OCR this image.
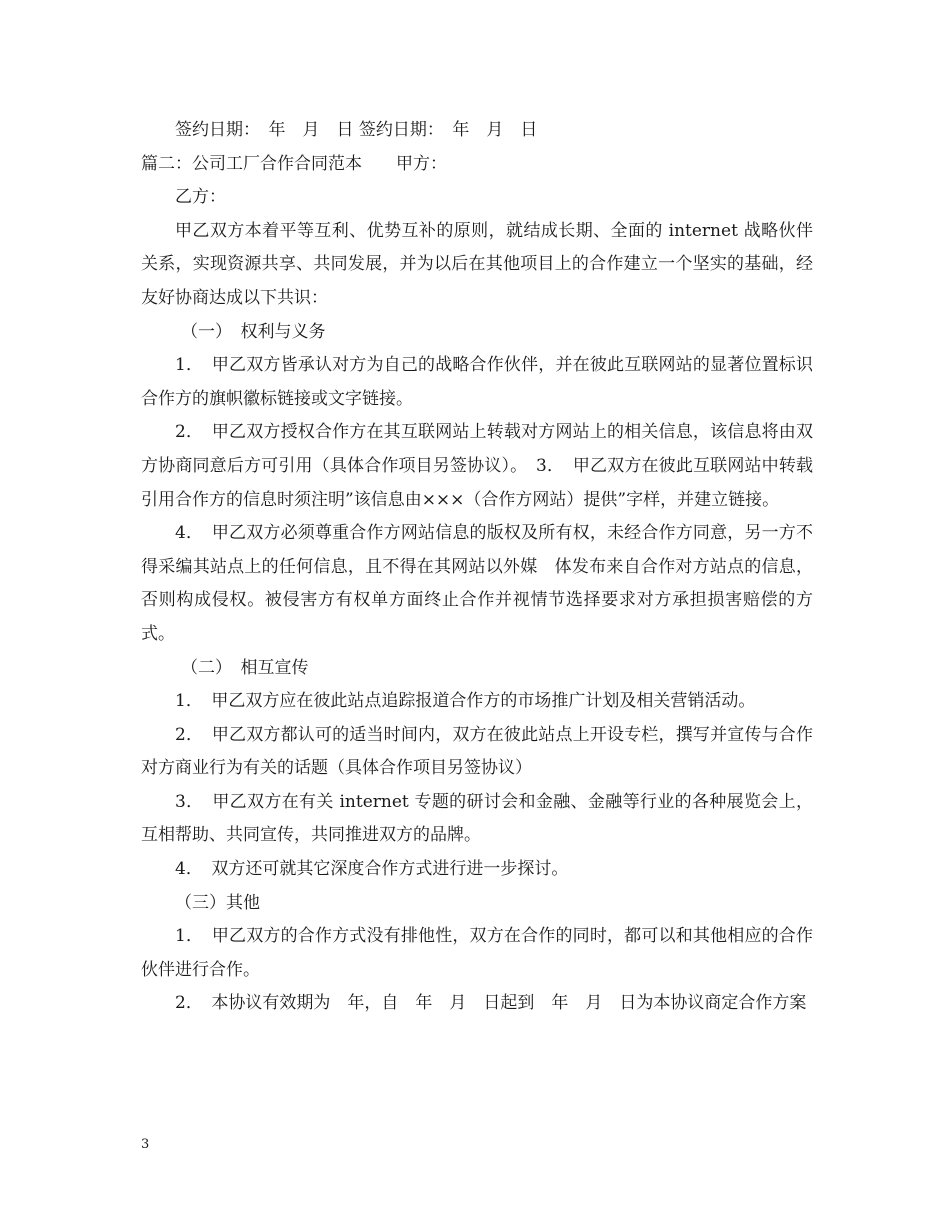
签约日期：　年　月　日 签约日期：　年　月　日

篇二：公司工厂合作合同范本　　甲方：

乙方：

甲乙双方本着平等互利、优势互补的原则，就结成长期、全面的 internet 战略伙伴关系，实现资源共享、共同发展，并为以后在其他项目上的合作建立一个坚实的基础，经友好协商达成以下共识：

（一）　权利与义务

1．　甲乙双方皆承认对方为自己的战略合作伙伴，并在彼此互联网站的显著位置标识合作方的旗帜徽标链接或文字链接。

2．　甲乙双方授权合作方在其互联网站上转载对方网站上的相关信息，该信息将由双方协商同意后方可引用（具体合作项目另签协议）。　3．　甲乙双方在彼此互联网站中转载引用合作方的信息时须注明”该信息由×××（合作方网站）提供”字样，并建立链接。

4．　甲乙双方必须尊重合作方网站信息的版权及所有权，未经合作方同意，另一方不得采编其站点上的任何信息，且不得在其网站以外媒　体发布来自合作对方站点的信息，否则构成侵权。被侵害方有权单方面终止合作并视情节选择要求对方承担损害赔偿的方式。

（二）　相互宣传

1．　甲乙双方应在彼此站点追踪报道合作方的市场推广计划及相关营销活动。

2．　甲乙双方都认可的适当时间内，双方在彼此站点上开设专栏，撰写并宣传与合作对方商业行为有关的话题（具体合作项目另签协议）

3．　甲乙双方在有关 internet 专题的研讨会和金融、金融等行业的各种展览会上，互相帮助、共同宣传，共同推进双方的品牌。

4．　双方还可就其它深度合作方式进行进一步探讨。

（三）其他

1．　甲乙双方的合作方式没有排他性，双方在合作的同时，都可以和其他相应的合作伙伴进行合作。

2．　本协议有效期为　年，自　年　月　日起到　年　月　日为本协议商定合作方案

3
